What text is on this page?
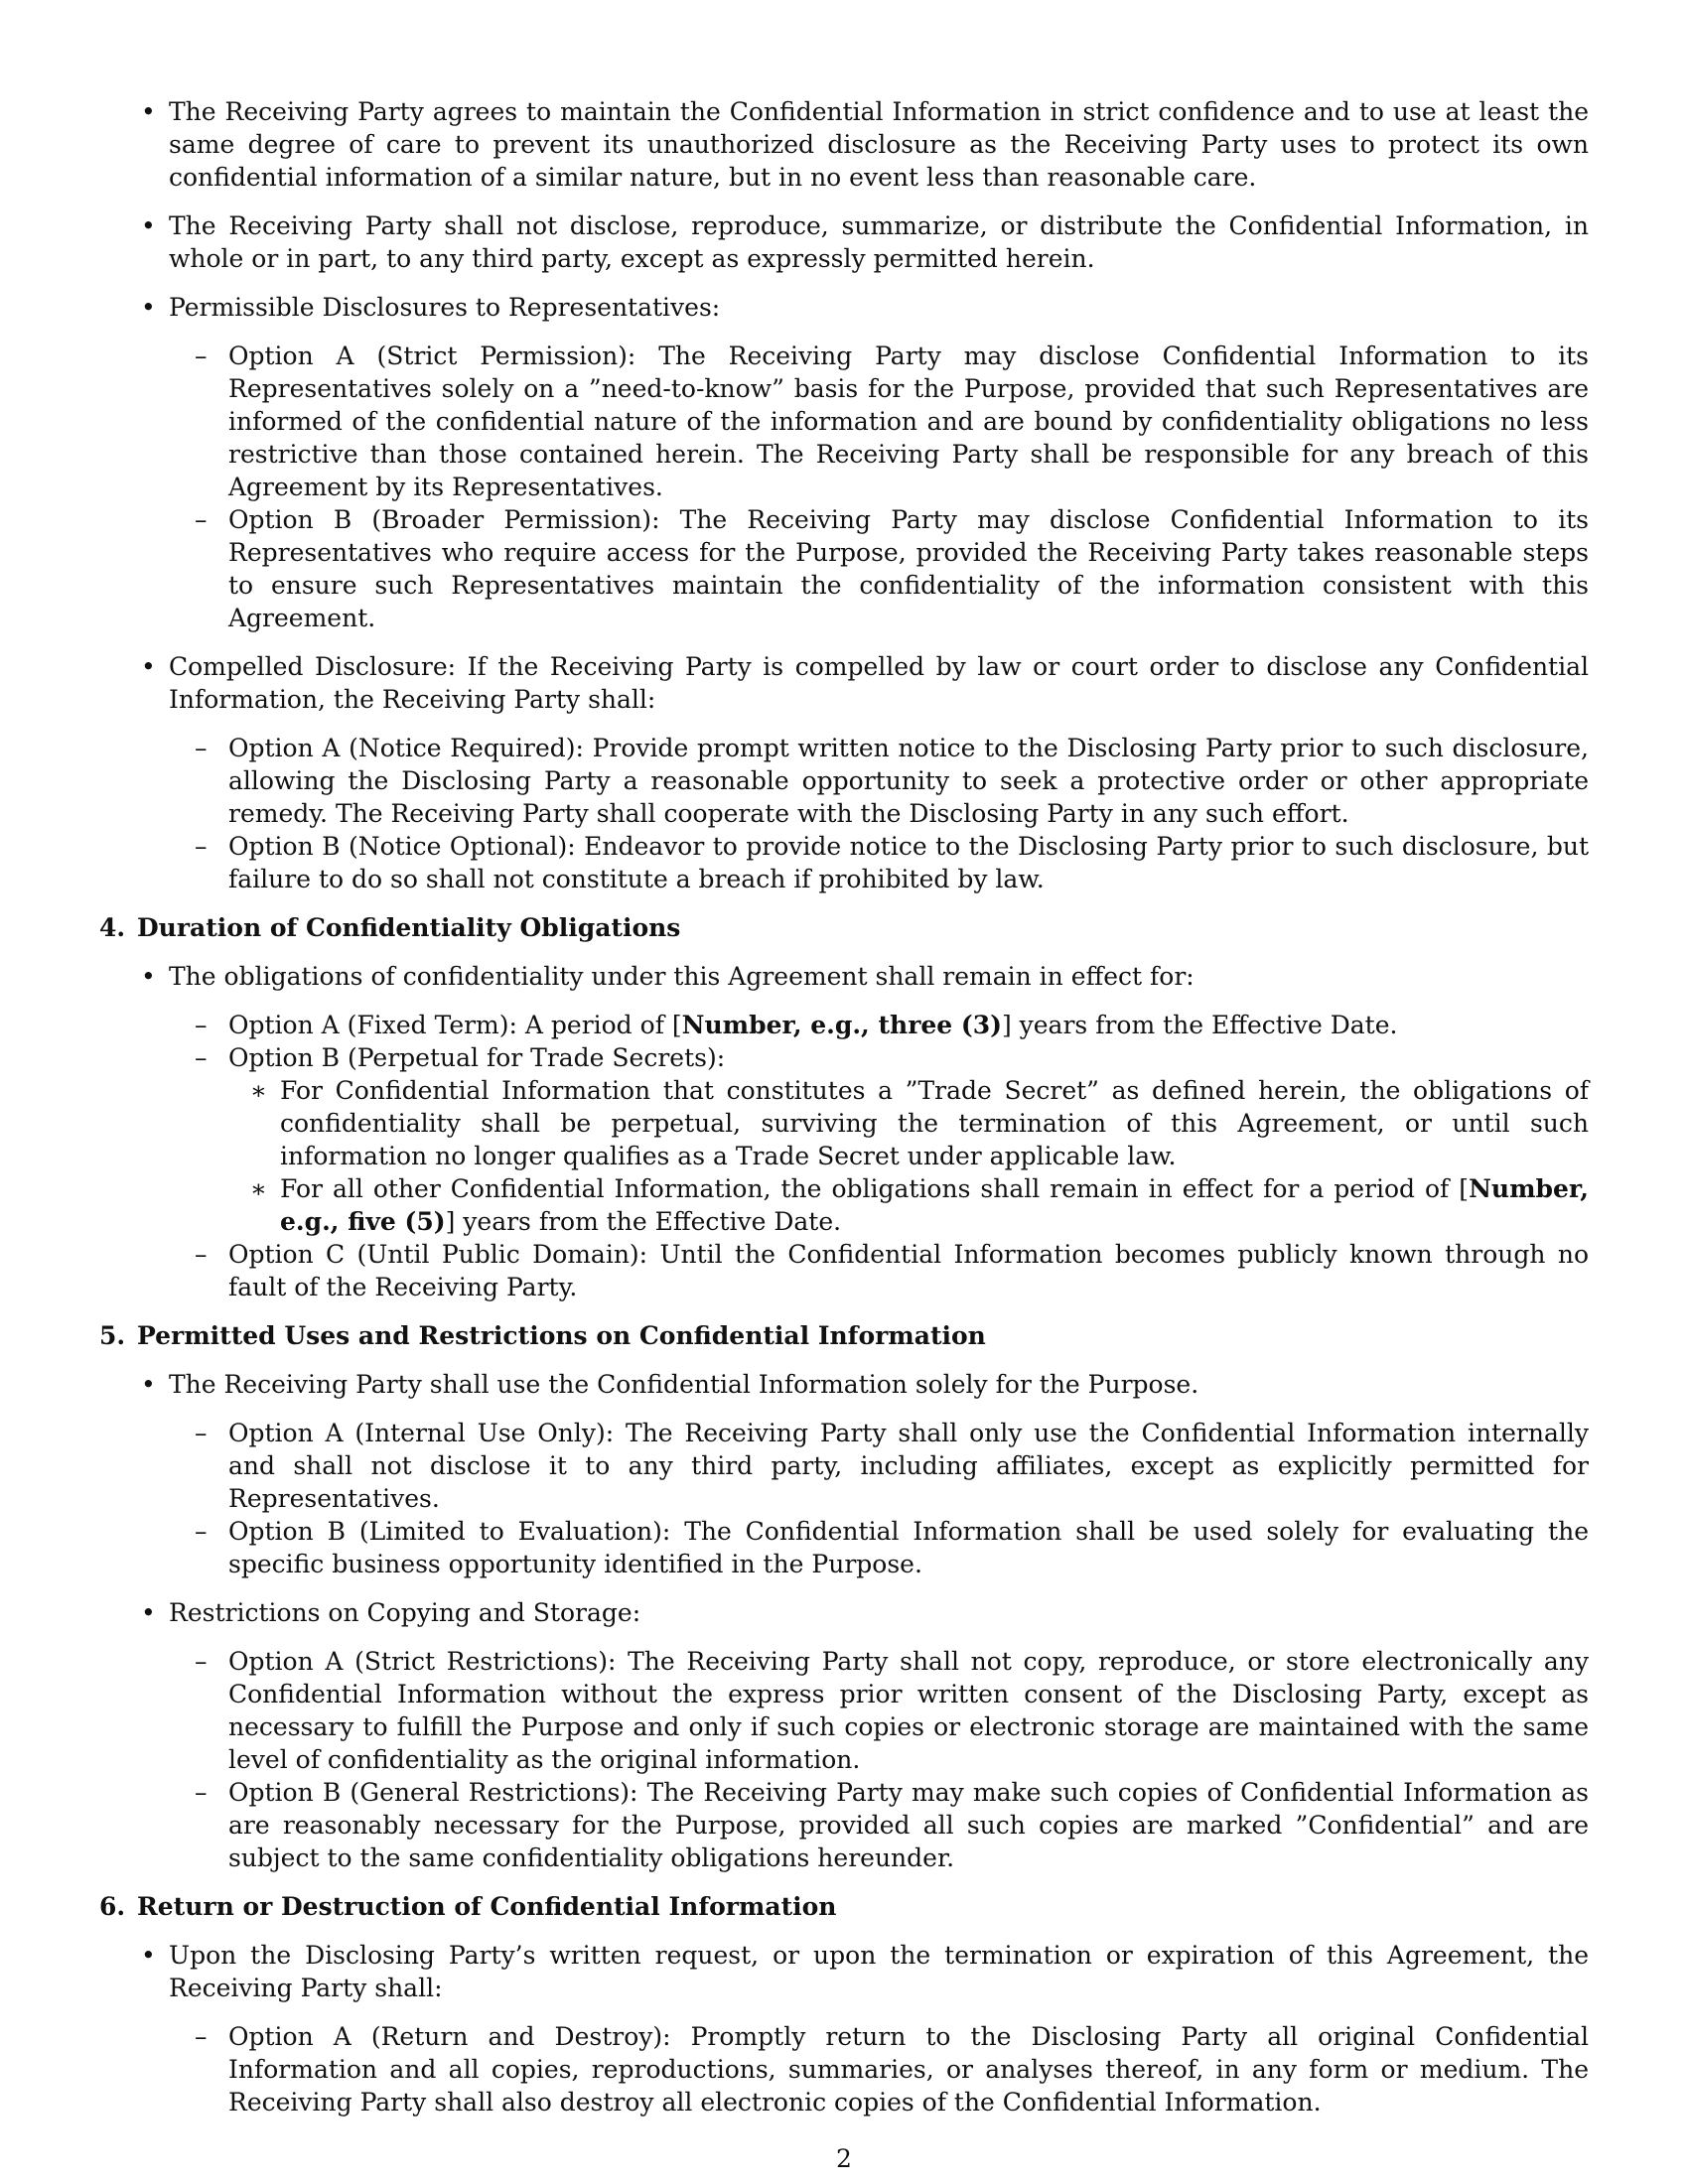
• The Receiving Party agrees to maintain the Confidential Information in strict confidence and to use at least the same degree of care to prevent its unauthorized disclosure as the Receiving Party uses to protect its own confidential information of a similar nature, but in no event less than reasonable care.
• The Receiving Party shall not disclose, reproduce, summarize, or distribute the Confidential Information, in whole or in part, to any third party, except as expressly permitted herein.
• Permissible Disclosures to Representatives:
– Option A (Strict Permission): The Receiving Party may disclose Confidential Information to its Representatives solely on a ”need-to-know” basis for the Purpose, provided that such Representatives are informed of the confidential nature of the information and are bound by confidentiality obligations no less restrictive than those contained herein. The Receiving Party shall be responsible for any breach of this Agreement by its Representatives.
– Option B (Broader Permission): The Receiving Party may disclose Confidential Information to its Representatives who require access for the Purpose, provided the Receiving Party takes reasonable steps to ensure such Representatives maintain the confidentiality of the information consistent with this Agreement.
• Compelled Disclosure: If the Receiving Party is compelled by law or court order to disclose any Confidential Information, the Receiving Party shall:
– Option A (Notice Required): Provide prompt written notice to the Disclosing Party prior to such disclosure, allowing the Disclosing Party a reasonable opportunity to seek a protective order or other appropriate remedy. The Receiving Party shall cooperate with the Disclosing Party in any such effort.
– Option B (Notice Optional): Endeavor to provide notice to the Disclosing Party prior to such disclosure, but failure to do so shall not constitute a breach if prohibited by law.
4. Duration of Confidentiality Obligations
• The obligations of confidentiality under this Agreement shall remain in effect for:
– Option A (Fixed Term): A period of [Number, e.g., three (3)] years from the Effective Date.
– Option B (Perpetual for Trade Secrets):
∗ For Confidential Information that constitutes a ”Trade Secret” as defined herein, the obligations of confidentiality shall be perpetual, surviving the termination of this Agreement, or until such information no longer qualifies as a Trade Secret under applicable law.
∗ For all other Confidential Information, the obligations shall remain in effect for a period of [Number, e.g., five (5)] years from the Effective Date.
– Option C (Until Public Domain): Until the Confidential Information becomes publicly known through no fault of the Receiving Party.
5. Permitted Uses and Restrictions on Confidential Information
• The Receiving Party shall use the Confidential Information solely for the Purpose.
– Option A (Internal Use Only): The Receiving Party shall only use the Confidential Information internally and shall not disclose it to any third party, including affiliates, except as explicitly permitted for Representatives.
– Option B (Limited to Evaluation): The Confidential Information shall be used solely for evaluating the specific business opportunity identified in the Purpose.
• Restrictions on Copying and Storage:
– Option A (Strict Restrictions): The Receiving Party shall not copy, reproduce, or store electronically any Confidential Information without the express prior written consent of the Disclosing Party, except as necessary to fulfill the Purpose and only if such copies or electronic storage are maintained with the same level of confidentiality as the original information.
– Option B (General Restrictions): The Receiving Party may make such copies of Confidential Information as are reasonably necessary for the Purpose, provided all such copies are marked ”Confidential” and are subject to the same confidentiality obligations hereunder.
6. Return or Destruction of Confidential Information
• Upon the Disclosing Party’s written request, or upon the termination or expiration of this Agreement, the Receiving Party shall:
– Option A (Return and Destroy): Promptly return to the Disclosing Party all original Confidential Information and all copies, reproductions, summaries, or analyses thereof, in any form or medium. The Receiving Party shall also destroy all electronic copies of the Confidential Information.
2
